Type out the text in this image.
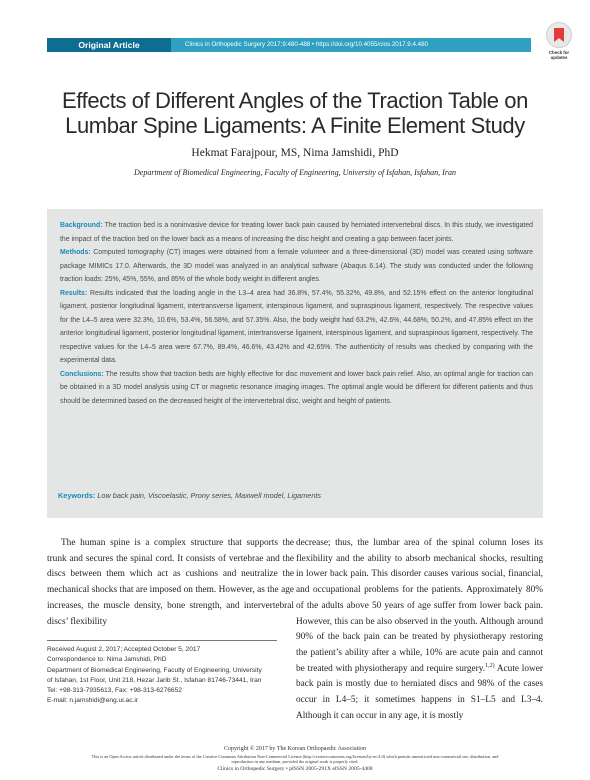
Original Article	Clinics in Orthopedic Surgery 2017;9:480-488 • https://doi.org/10.4055/cios.2017.9.4.480
Check for updates
Effects of Different Angles of the Traction Table on
Lumbar Spine Ligaments: A Finite Element Study
Hekmat Farajpour, MS, Nima Jamshidi, PhD
Department of Biomedical Engineering, Faculty of Engineering, University of Isfahan, Isfahan, Iran

Background: The traction bed is a noninvasive device for treating lower back pain caused by herniated intervertebral discs. In this study, we investigated the impact of the traction bed on the lower back as a means of increasing the disc height and creating a gap between facet joints.

Methods: Computed tomography (CT) images were obtained from a female volunteer and a three-dimensional (3D) model was created using software package MIMICs 17.0. Afterwards, the 3D model was analyzed in an analytical software (Abaqus 6.14). The study was conducted under the following traction loads: 25%, 45%, 55%, and 85% of the whole body weight in different angles.

Results: Results indicated that the loading angle in the L3–4 area had 36.8%, 57.4%, 55.32%, 49.8%, and 52.15% effect on the anterior longitudinal ligament, posterior longitudinal ligament, intertransverse ligament, interspinous ligament, and supraspinous ligament, respectively. The respective values for the L4–5 area were 32.3%, 10.6%, 53.4%, 56.58%, and 57.35%. Also, the body weight had 63.2%, 42.6%, 44.68%, 50.2%, and 47.85% effect on the anterior longitudinal ligament, posterior longitudinal ligament, intertransverse ligament, interspinous ligament, and supraspinous ligament, respectively. The respective values for the L4–5 area were 67.7%, 89.4%, 46.6%, 43.42% and 42.65%. The authenticity of results was checked by comparing with the experimental data.

Conclusions: The results show that traction beds are highly effective for disc movement and lower back pain relief. Also, an optimal angle for traction can be obtained in a 3D model analysis using CT or magnetic resonance imaging images. The optimal angle would be different for different patients and thus should be determined based on the decreased height of the intervertebral disc, weight and height of patients.

Keywords: Low back pain, Viscoelastic, Prony series, Maxwell model, Ligaments

The human spine is a complex structure that supports the trunk and secures the spinal cord. It consists of vertebrae and the discs between them which act as cushions and neutralize the mechanical shocks that are imposed on them. However, as the age increases, the muscle density, bone strength, and intervertebral discs’ flexibility

decrease; thus, the lumbar area of the spinal column loses its flexibility and the ability to absorb mechanical shocks, resulting in lower back pain. This disorder causes various social, financial, and occupational problems for the patients. Approximately 80% of the adults above 50 years of age suffer from lower back pain. However, this can be also observed in the youth. Although around 90% of the back pain can be treated by physiotherapy restoring the patient’s ability after a while, 10% are acute pain and cannot be treated with physiotherapy and require surgery.$^{1,2)}$ Acute lower back pain is mostly due to herniated discs and 98% of the cases occur in L4–5; it sometimes happens in S1–L5 and L3–4. Although it can occur in any age, it is mostly

Received August 2, 2017; Accepted October 5, 2017
Correspondence to: Nima Jamshidi, PhD
Department of Biomedical Engineering, Faculty of Engineering, University
of Isfahan, 1st Floor, Unit 218, Hezar Jarib St., Isfahan 81746-73441, Iran
Tel: +98-313-7935613, Fax: +98-313-6276652
E-mail: n.jamshidi@eng.ui.ac.ir
Copyright © 2017 by The Korean Orthopaedic Association
This is an Open Access article distributed under the terms of the Creative Commons Attribution Non-Commercial License (http://creativecommons.org/licenses/by-nc/4.0) which permits unrestricted non-commercial use, distribution, and reproduction in any medium, provided the original work is properly cited.
Clinics in Orthopedic Surgery • pISSN 2005-291X eISSN 2005-4408
